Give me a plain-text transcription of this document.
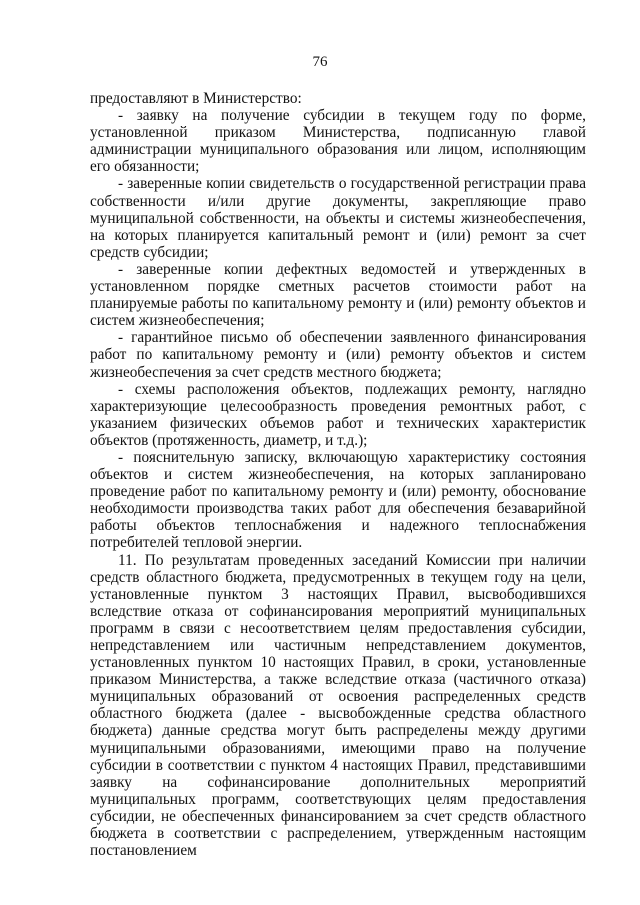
76

предоставляют в Министерство:

- заявку на получение субсидии в текущем году по форме, установленной приказом Министерства, подписанную главой администрации муниципального образования или лицом, исполняющим его обязанности;

- заверенные копии свидетельств о государственной регистрации права собственности и/или другие документы, закрепляющие право муниципальной собственности, на объекты и системы жизнеобеспечения, на которых планируется капитальный ремонт и (или) ремонт за счет средств субсидии;

- заверенные копии дефектных ведомостей и утвержденных в установленном порядке сметных расчетов стоимости работ на планируемые работы по капитальному ремонту и (или) ремонту объектов и систем жизнеобеспечения;

- гарантийное письмо об обеспечении заявленного финансирования работ по капитальному ремонту и (или) ремонту объектов и систем жизнеобеспечения за счет средств местного бюджета;

- схемы расположения объектов, подлежащих ремонту, наглядно характеризующие целесообразность проведения ремонтных работ, с указанием физических объемов работ и технических характеристик объектов (протяженность, диаметр, и т.д.);

- пояснительную записку, включающую характеристику состояния объектов и систем жизнеобеспечения, на которых запланировано проведение работ по капитальному ремонту и (или) ремонту, обоснование необходимости производства таких работ для обеспечения безаварийной работы объектов теплоснабжения и надежного теплоснабжения потребителей тепловой энергии.

11. По результатам проведенных заседаний Комиссии при наличии средств областного бюджета, предусмотренных в текущем году на цели, установленные пунктом 3 настоящих Правил, высвободившихся вследствие отказа от софинансирования мероприятий муниципальных программ в связи с несоответствием целям предоставления субсидии, непредставлением или частичным непредставлением документов, установленных пунктом 10 настоящих Правил, в сроки, установленные приказом Министерства, а также вследствие отказа (частичного отказа) муниципальных образований от освоения распределенных средств областного бюджета (далее - высвобожденные средства областного бюджета) данные средства могут быть распределены между другими муниципальными образованиями, имеющими право на получение субсидии в соответствии с пунктом 4 настоящих Правил, представившими заявку на софинансирование дополнительных мероприятий муниципальных программ, соответствующих целям предоставления субсидии, не обеспеченных финансированием за счет средств областного бюджета в соответствии с распределением, утвержденным настоящим постановлением
